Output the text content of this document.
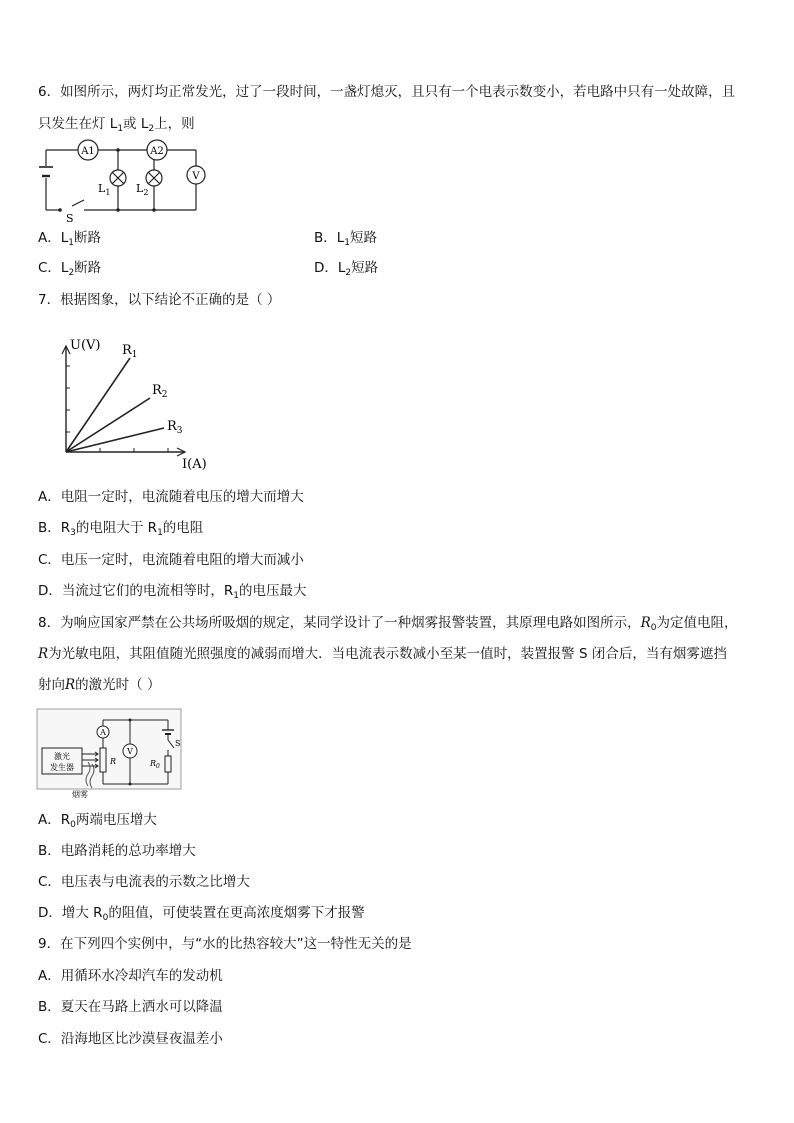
6．如图所示，两灯均正常发光，过了一段时间，一盏灯熄灭，且只有一个电表示数变小，若电路中只有一处故障，且
只发生在灯 $L_1$或 $L_2$上，则
A1	A2
V
$L_1$ $L_2$
S
A．$L_1$断路	B．$L_1$短路
C．$L_2$断路	D．$L_2$短路
7．根据图象，以下结论不正确的是（ ）
U(V)
I(A)
$R_1$
$R_2$
$R_3$
A．电阻一定时，电流随着电压的增大而增大
B．$R_3$的电阻大于 $R_1$的电阻
C．电压一定时，电流随着电阻的增大而减小
D．当流过它们的电流相等时，$R_1$的电压最大
8．为响应国家严禁在公共场所吸烟的规定，某同学设计了一种烟雾报警装置，其原理电路如图所示，$R_0$为定值电阻，
R为光敏电阻，其阻值随光照强度的减弱而增大．当电流表示数减小至某一值时，装置报警 S 闭合后，当有烟雾遮挡
射向R的激光时（ ）
激光
发生器
烟雾
A
V
R	$R_0$
S
A．$R_0$两端电压增大
B．电路消耗的总功率增大
C．电压表与电流表的示数之比增大
D．增大 $R_0$的阻值，可使装置在更高浓度烟雾下才报警
9．在下列四个实例中，与“水的比热容较大”这一特性无关的是
A．用循环水冷却汽车的发动机
B．夏天在马路上洒水可以降温
C．沿海地区比沙漠昼夜温差小
